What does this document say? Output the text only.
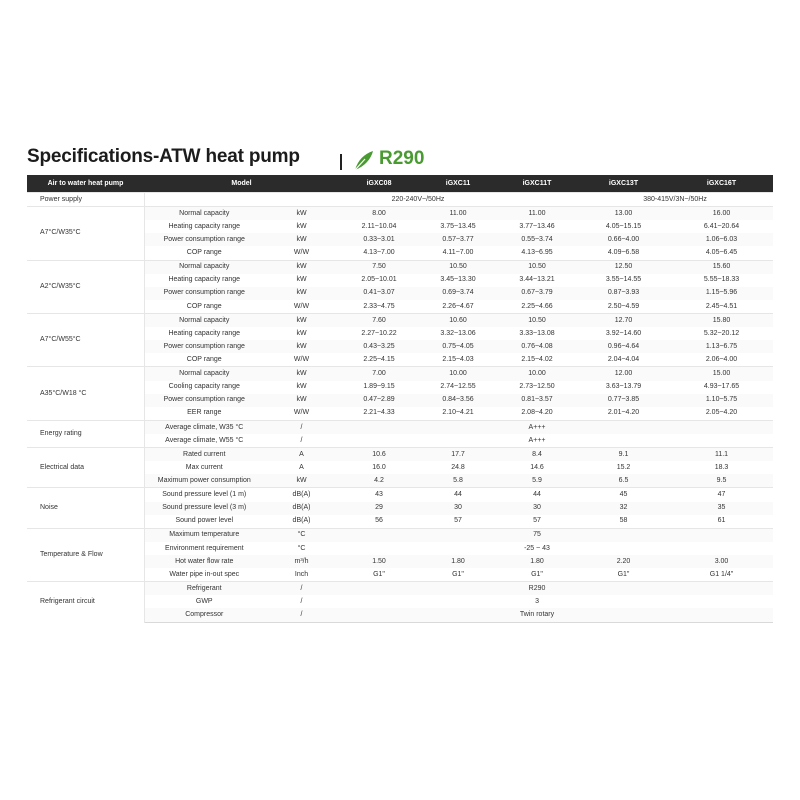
Specifications-ATW heat pump	R290
Air to water heat pump	Model		iGXC08	iGXC11	iGXC11T	iGXC13T	iGXC16T
Power supply			220-240V~/50Hz			380-415V/3N~/50Hz	
A7°C/W35°C	Normal capacity	kW	8.00	11.00	11.00	13.00	16.00
	Heating capacity range	kW	2.11~10.04	3.75~13.45	3.77~13.46	4.05~15.15	6.41~20.64
	Power consumption range	kW	0.33~3.01	0.57~3.77	0.55~3.74	0.66~4.00	1.06~6.03
	COP range	W/W	4.13~7.00	4.11~7.00	4.13~6.95	4.09~6.58	4.05~6.45
A2°C/W35°C	Normal capacity	kW	7.50	10.50	10.50	12.50	15.60
	Heating capacity range	kW	2.05~10.01	3.45~13.30	3.44~13.21	3.55~14.55	5.55~18.33
	Power consumption range	kW	0.41~3.07	0.69~3.74	0.67~3.79	0.87~3.93	1.15~5.96
	COP range	W/W	2.33~4.75	2.26~4.67	2.25~4.66	2.50~4.59	2.45~4.51
A7°C/W55°C	Normal capacity	kW	7.60	10.60	10.50	12.70	15.80
	Heating capacity range	kW	2.27~10.22	3.32~13.06	3.33~13.08	3.92~14.60	5.32~20.12
	Power consumption range	kW	0.43~3.25	0.75~4.05	0.76~4.08	0.96~4.64	1.13~6.75
	COP range	W/W	2.25~4.15	2.15~4.03	2.15~4.02	2.04~4.04	2.06~4.00
A35°C/W18 °C	Normal capacity	kW	7.00	10.00	10.00	12.00	15.00
	Cooling capacity range	kW	1.89~9.15	2.74~12.55	2.73~12.50	3.63~13.79	4.93~17.65
	Power consumption range	kW	0.47~2.89	0.84~3.56	0.81~3.57	0.77~3.85	1.10~5.75
	EER range	W/W	2.21~4.33	2.10~4.21	2.08~4.20	2.01~4.20	2.05~4.20
Energy rating	Average climate, W35 °C	/			A+++		
	Average climate, W55 °C	/			A+++		
Electrical data	Rated current	A	10.6	17.7	8.4	9.1	11.1
	Max current	A	16.0	24.8	14.6	15.2	18.3
	Maximum power consumption	kW	4.2	5.8	5.9	6.5	9.5
Noise	Sound pressure level (1 m)	dB(A)	43	44	44	45	47
	Sound pressure level (3 m)	dB(A)	29	30	30	32	35
	Sound power level	dB(A)	56	57	57	58	61
Temperature & Flow	Maximum temperature	°C			75		
	Environment requirement	°C			-25 ~ 43		
	Hot water flow rate	m³/h	1.50	1.80	1.80	2.20	3.00
	Water pipe in-out spec	Inch	G1"	G1"	G1"	G1"	G1 1/4"
Refrigerant circuit	Refrigerant	/			R290		
	GWP	/			3		
	Compressor	/			Twin rotary		
